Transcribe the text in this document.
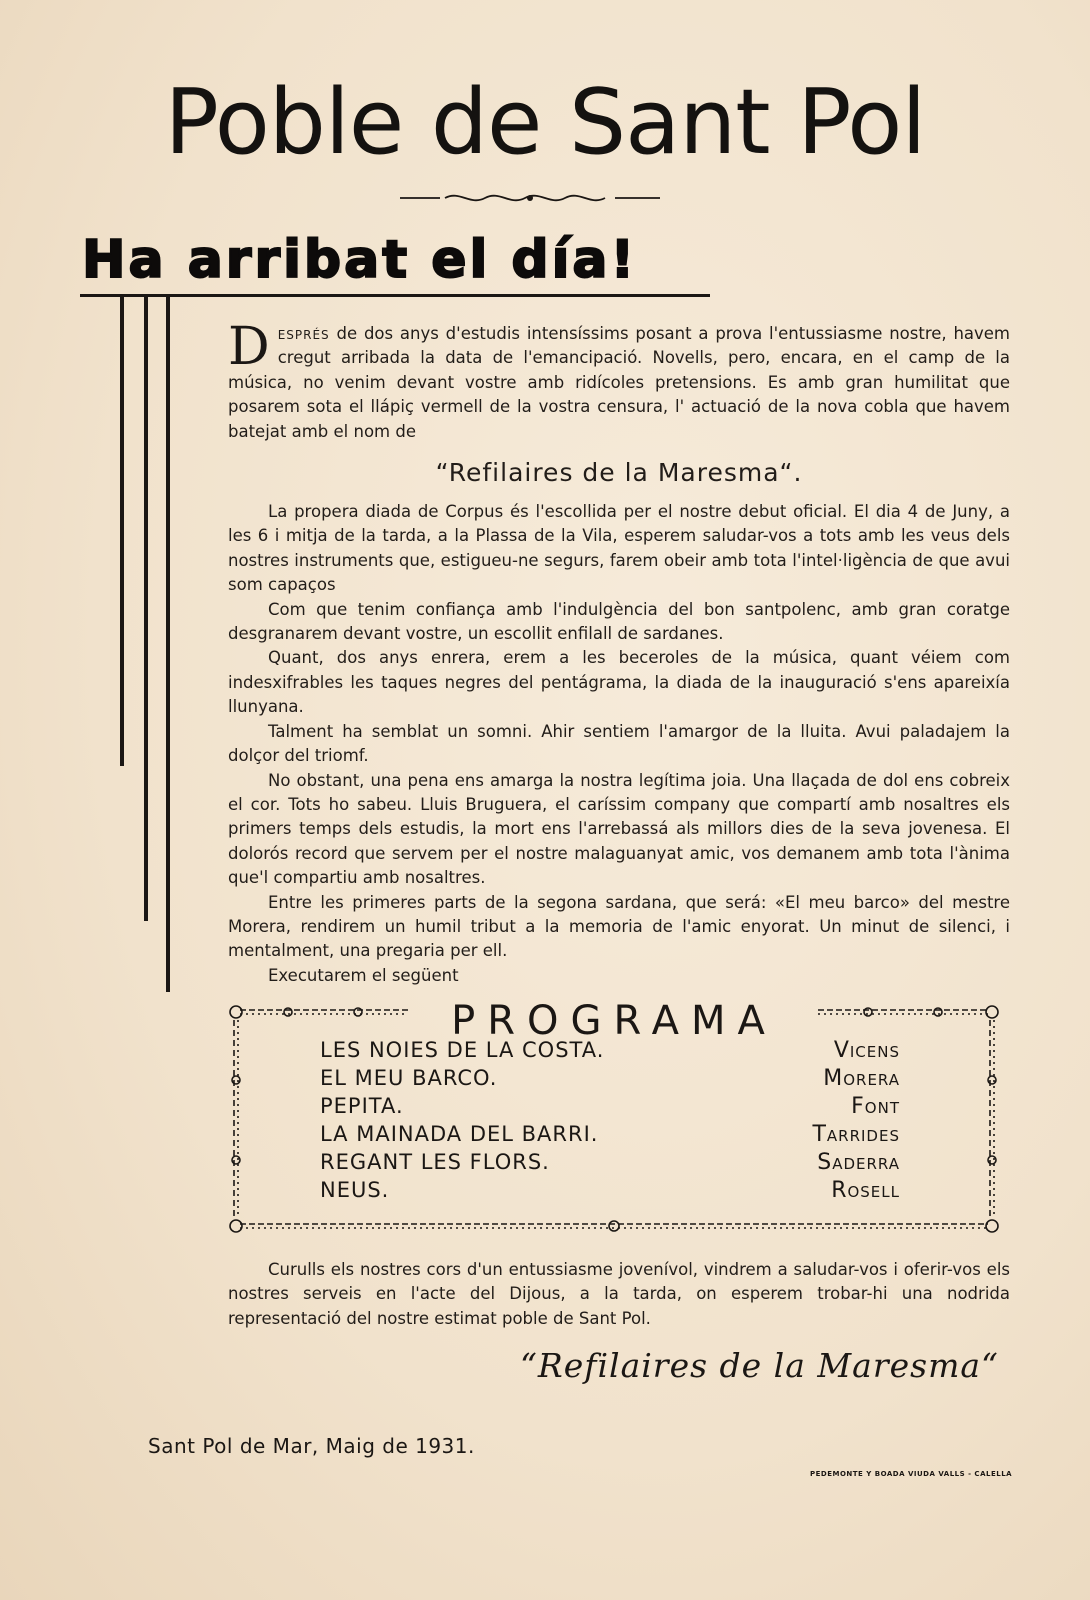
Poble de Sant Pol
Ha arribat el día!

Després de dos anys d'estudis intensíssims posant a prova l'entussiasme nostre, havem cregut arribada la data de l'emancipació. Novells, pero, encara, en el camp de la música, no venim devant vostre amb ridícoles pretensions. Es amb gran humilitat que posarem sota el llápiç vermell de la vostra censura, l' actuació de la nova cobla que havem batejat amb el nom de

“Refilaires de la Maresma“.

La propera diada de Corpus és l'escollida per el nostre debut oficial. El dia 4 de Juny, a les 6 i mitja de la tarda, a la Plassa de la Vila, esperem saludar-vos a tots amb les veus dels nostres instruments que, estigueu-ne segurs, farem obeir amb tota l'intel·ligència de que avui som capaços

Com que tenim confiança amb l'indulgència del bon santpolenc, amb gran coratge desgranarem devant vostre, un escollit enfilall de sardanes.

Quant, dos anys enrera, erem a les beceroles de la música, quant véiem com indesxifrables les taques negres del pentágrama, la diada de la inauguració s'ens apareixía llunyana.

Talment ha semblat un somni. Ahir sentiem l'amargor de la lluita. Avui paladajem la dolçor del triomf.

No obstant, una pena ens amarga la nostra legítima joia. Una llaçada de dol ens cobreix el cor. Tots ho sabeu. Lluis Bruguera, el caríssim company que compartí amb nosaltres els primers temps dels estudis, la mort ens l'arrebassá als millors dies de la seva jovenesa. El dolorós record que servem per el nostre malaguanyat amic, vos demanem amb tota l'ànima que'l compartiu amb nosaltres.

Entre les primeres parts de la segona sardana, que será: «El meu barco» del mestre Morera, rendirem un humil tribut a la memoria de l'amic enyorat. Un minut de silenci, i mentalment, una pregaria per ell.

Executarem el següent

PROGRAMA
LES NOIES DE LA COSTA.	Vicens
EL MEU BARCO.	Morera
PEPITA.	Font
LA MAINADA DEL BARRI.	Tarrides
REGANT LES FLORS.	Saderra
NEUS.	Rosell

Curulls els nostres cors d'un entussiasme jovenívol, vindrem a saludar-vos i oferir-vos els nostres serveis en l'acte del Dijous, a la tarda, on esperem trobar-hi una nodrida representació del nostre estimat poble de Sant Pol.

“Refilaires de la Maresma“
Sant Pol de Mar, Maig de 1931.
PEDEMONTE Y BOADA VIUDA VALLS - CALELLA
